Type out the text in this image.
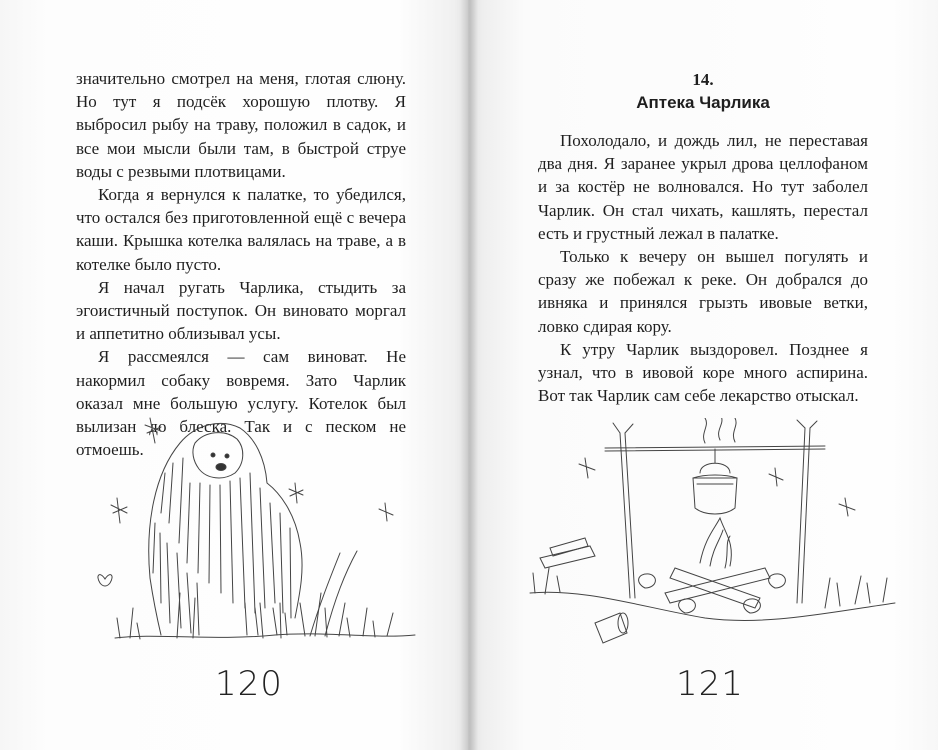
значительно смотрел на меня, глотая слюну. Но тут я подсёк хорошую плотву. Я выбросил рыбу на траву, положил в садок, и все мои мысли были там, в быстрой струе воды с резвыми плотвицами.

Когда я вернулся к палатке, то убедился, что остался без приготовленной ещё с вечера каши. Крышка котелка валялась на траве, а в котелке было пусто.

Я начал ругать Чарлика, стыдить за эгоистичный поступок. Он виновато моргал и аппетитно облизывал усы.

Я рассмеялся — сам виноват. Не накормил собаку вовремя. Зато Чарлик оказал мне большую услугу. Котелок был вылизан до блеска. Так и с песком не отмоешь.

120
14.
Аптека Чарлика

Похолодало, и дождь лил, не переставая два дня. Я заранее укрыл дрова целлофаном и за костёр не волновался. Но тут заболел Чарлик. Он стал чихать, кашлять, перестал есть и грустный лежал в палатке.

Только к вечеру он вышел погулять и сразу же побежал к реке. Он добрался до ивняка и принялся грызть ивовые ветки, ловко сдирая кору.

К утру Чарлик выздоровел. Позднее я узнал, что в ивовой коре много аспирина. Вот так Чарлик сам себе лекарство отыскал.

121
